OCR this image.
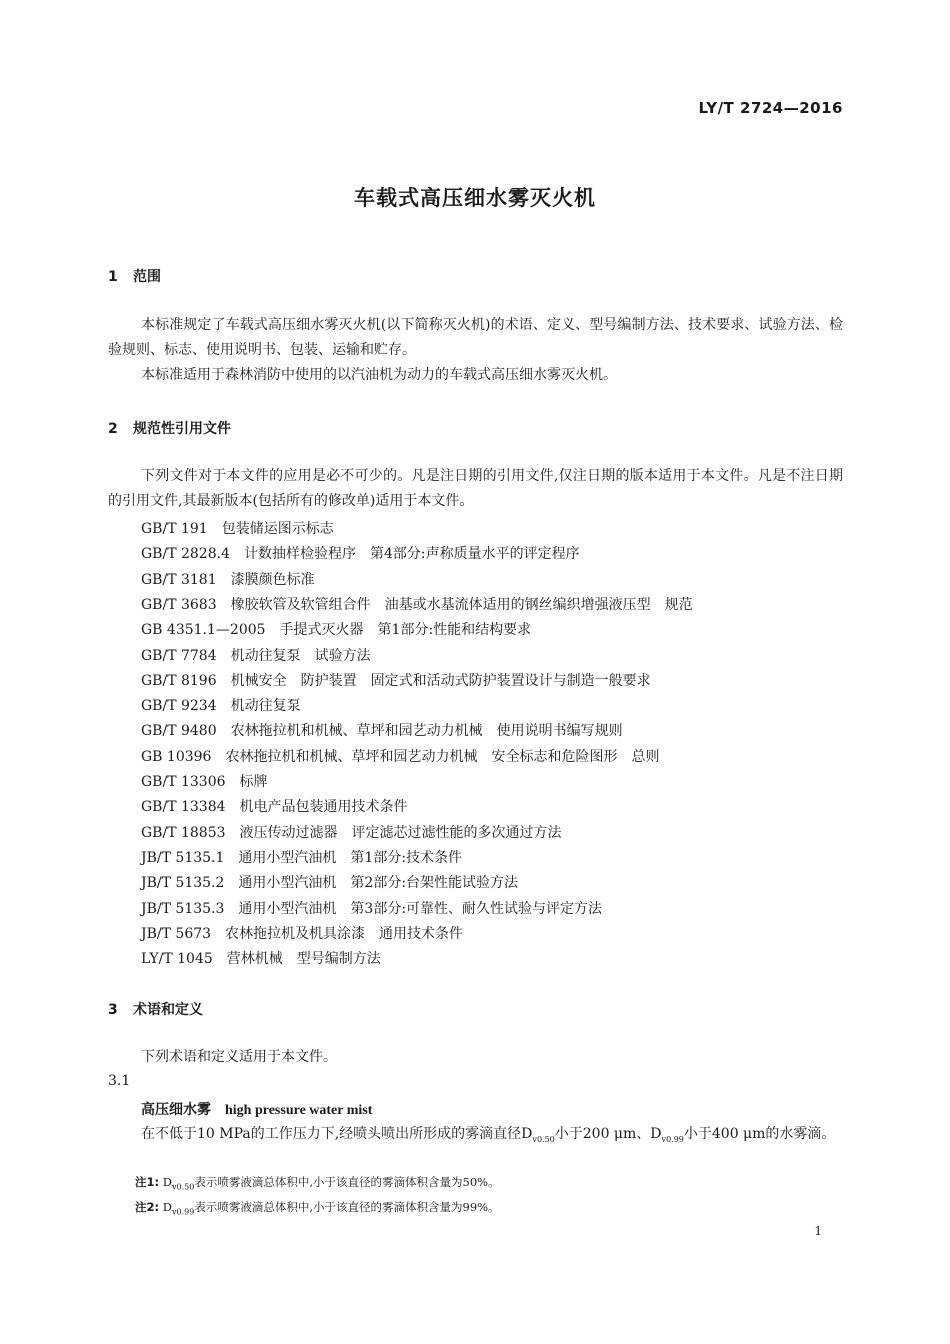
LY/T 2724—2016
车载式高压细水雾灭火机
1 范围

本标准规定了车载式高压细水雾灭火机(以下简称灭火机)的术语、定义、型号编制方法、技术要求、试验方法、检验规则、标志、使用说明书、包装、运输和贮存。

本标准适用于森林消防中使用的以汽油机为动力的车载式高压细水雾灭火机。

2 规范性引用文件

下列文件对于本文件的应用是必不可少的。凡是注日期的引用文件,仅注日期的版本适用于本文件。凡是不注日期的引用文件,其最新版本(包括所有的修改单)适用于本文件。

GB/T 191 包装储运图示标志
GB/T 2828.4 计数抽样检验程序　第4部分:声称质量水平的评定程序
GB/T 3181 漆膜颜色标准
GB/T 3683 橡胶软管及软管组合件　油基或水基流体适用的钢丝编织增强液压型　规范
GB 4351.1—2005 手提式灭火器　第1部分:性能和结构要求
GB/T 7784 机动往复泵　试验方法
GB/T 8196 机械安全　防护装置　固定式和活动式防护装置设计与制造一般要求
GB/T 9234 机动往复泵
GB/T 9480 农林拖拉机和机械、草坪和园艺动力机械　使用说明书编写规则
GB 10396 农林拖拉机和机械、草坪和园艺动力机械　安全标志和危险图形　总则
GB/T 13306 标牌
GB/T 13384 机电产品包装通用技术条件
GB/T 18853 液压传动过滤器　评定滤芯过滤性能的多次通过方法
JB/T 5135.1 通用小型汽油机　第1部分:技术条件
JB/T 5135.2 通用小型汽油机　第2部分:台架性能试验方法
JB/T 5135.3 通用小型汽油机　第3部分:可靠性、耐久性试验与评定方法
JB/T 5673 农林拖拉机及机具涂漆　通用技术条件
LY/T 1045 营林机械　型号编制方法
3 术语和定义

下列术语和定义适用于本文件。

3.1
高压细水雾 high pressure water mist

在不低于10 MPa的工作压力下,经喷头喷出所形成的雾滴直径$D_{v0.50}$小于200 μm、$D_{v0.99}$小于400 μm的水雾滴。

注1: $D_{v0.50}$表示喷雾液滴总体积中,小于该直径的雾滴体积含量为50%。
注2: $D_{v0.99}$表示喷雾液滴总体积中,小于该直径的雾滴体积含量为99%。
1
